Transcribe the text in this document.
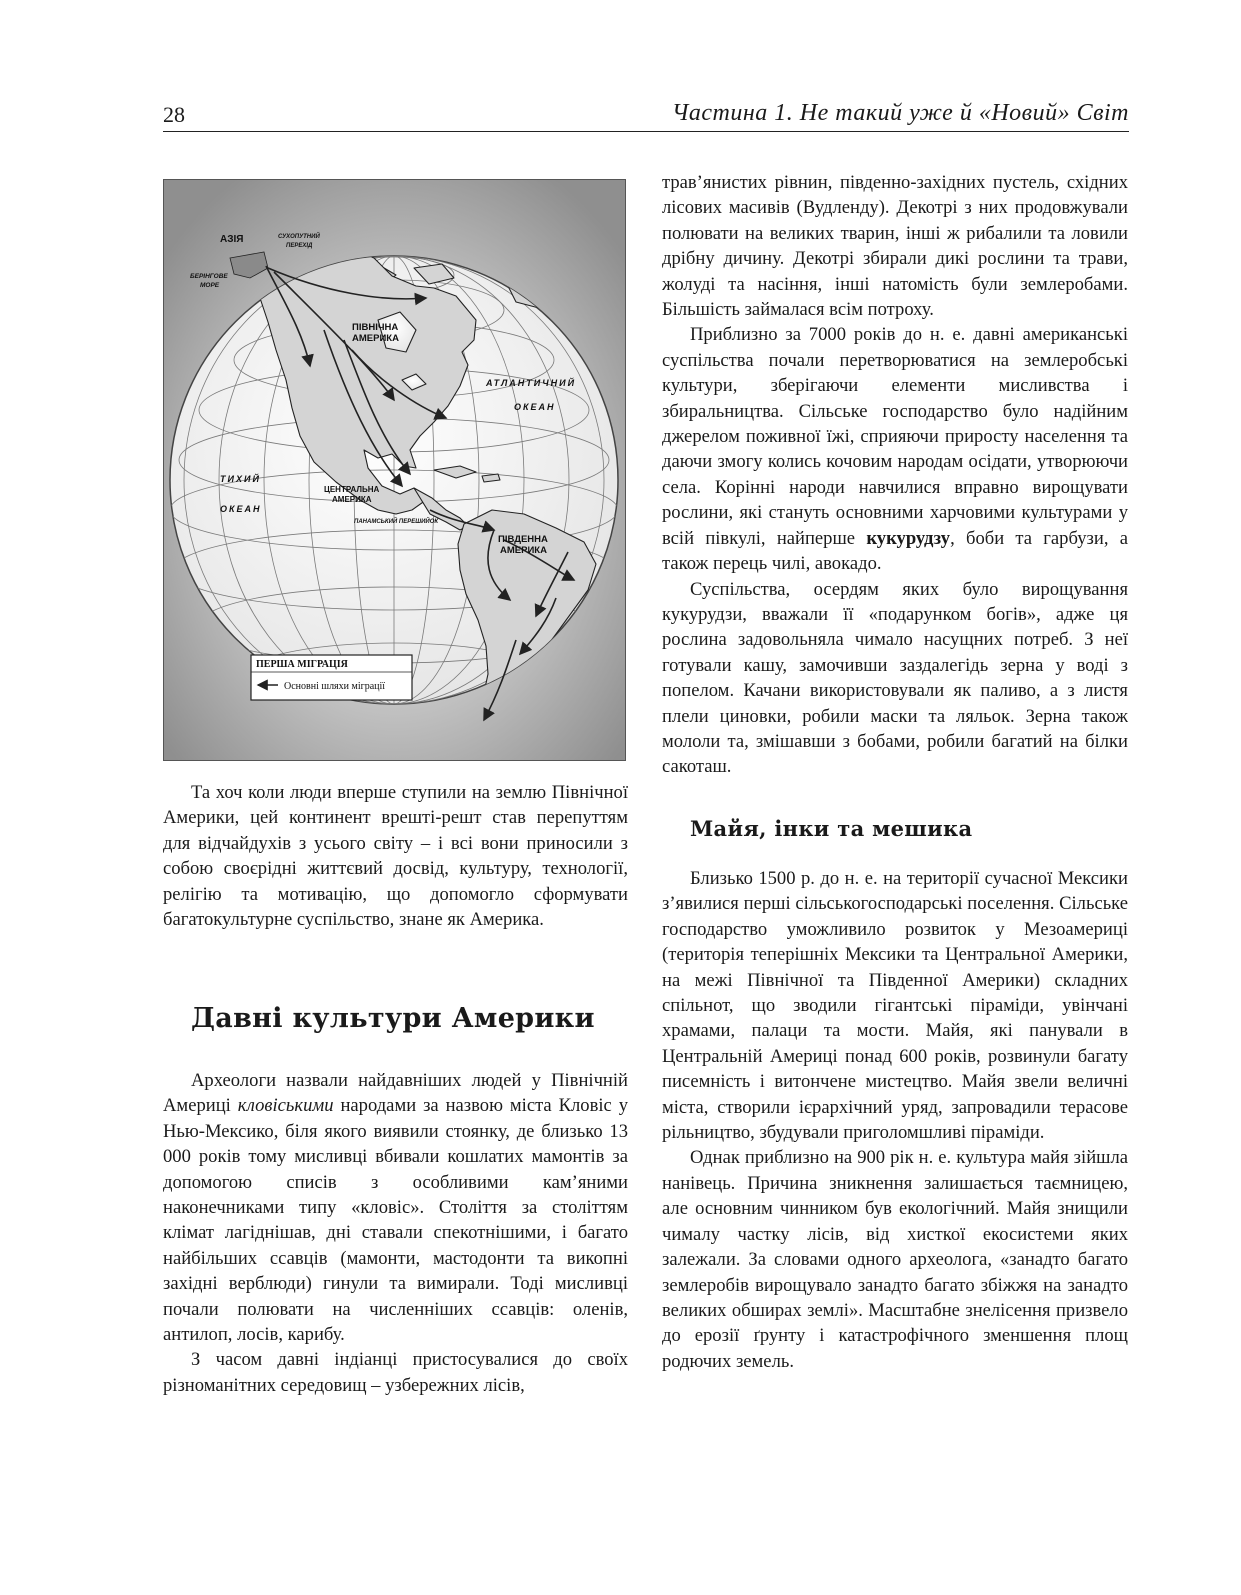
28	Частина 1. Не такий уже й «Новий» Світ
АЗІЯ	СУХОПУТНИЙ
ПЕРЕХІД
БЕРІНГОВЕ
МОРЕ
ПІВНІЧНА
АМЕРИКА
АТЛАНТИЧНИЙ
ОКЕАН
ТИХИЙ
ОКЕАН
ЦЕНТРАЛЬНА
АМЕРИКА
ПАНАМСЬКИЙ ПЕРЕШИЙОК
ПІВДЕННА
АМЕРИКА
ПЕРША МІГРАЦІЯ
Основні шляхи міграції

Та хоч коли люди вперше ступили на землю Північної Америки, цей континент врешті-решт став перепуттям для відчайдухів з усього світу – і всі вони приносили з собою своєрідні життєвий досвід, культуру, технології, релігію та мотивацію, що допомогло сформувати багатокультурне суспільство, знане як Америка.

Давні культури Америки

Археологи назвали найдавніших людей у Північній Америці кловіськими народами за назвою міста Кловіс у Нью-Мексико, біля якого виявили стоянку, де близько 13 000 років тому мисливці вбивали кошлатих мамонтів за допомогою списів з особливими кам’яними наконечниками типу «кловіс». Століття за століттям клімат лагіднішав, дні ставали спекотнішими, і багато найбільших ссавців (мамонти, мастодонти та викопні західні верблюди) гинули та вимирали. Тоді мисливці почали полювати на численніших ссавців: оленів, антилоп, лосів, карибу.

З часом давні індіанці пристосувалися до своїх різноманітних середовищ – узбережних лісів,

трав’янистих рівнин, південно-західних пустель, східних лісових масивів (Вудленду). Декотрі з них продовжували полювати на великих тварин, інші ж рибалили та ловили дрібну дичину. Декотрі збирали дикі рослини та трави, жолуді та насіння, інші натомість були землеробами. Більшість займалася всім потроху.

Приблизно за 7000 років до н. е. давні американські суспільства почали перетворюватися на землеробські культури, зберігаючи елементи мисливства і збиральництва. Сільське господарство було надійним джерелом поживної їжі, сприяючи приросту населення та даючи змогу колись кочовим народам осідати, утворюючи села. Корінні народи навчилися вправно вирощувати рослини, які стануть основними харчовими культурами у всій півкулі, найперше кукурудзу, боби та гарбузи, а також перець чилі, авокадо.

Суспільства, осердям яких було вирощування кукурудзи, вважали її «подарунком богів», адже ця рослина задовольняла чимало насущних потреб. З неї готували кашу, замочивши заздалегідь зерна у воді з попелом. Качани використовували як паливо, а з листя плели циновки, робили маски та ляльок. Зерна також мололи та, змішавши з бобами, робили багатий на білки сакоташ.

Майя, інки та мешика

Близько 1500 р. до н. е. на території сучасної Мексики з’явилися перші сільськогосподарські поселення. Сільське господарство уможливило розвиток у Мезоамериці (територія теперішніх Мексики та Центральної Америки, на межі Північної та Південної Америки) складних спільнот, що зводили гігантські піраміди, увінчані храмами, палаци та мости. Майя, які панували в Центральній Америці понад 600 років, розвинули багату писемність і витончене мистецтво. Майя звели величні міста, створили ієрархічний уряд, запровадили терасове рільництво, збудували приголомшливі піраміди.

Однак приблизно на 900 рік н. е. культура майя зійшла нанівець. Причина зникнення залишається таємницею, але основним чинником був екологічний. Майя знищили чималу частку лісів, від хисткої екосистеми яких залежали. За словами одного археолога, «занадто багато землеробів вирощувало занадто багато збіжжя на занадто великих обширах землі». Масштабне знелісення призвело до ерозії ґрунту і катастрофічного зменшення площ родючих земель.
